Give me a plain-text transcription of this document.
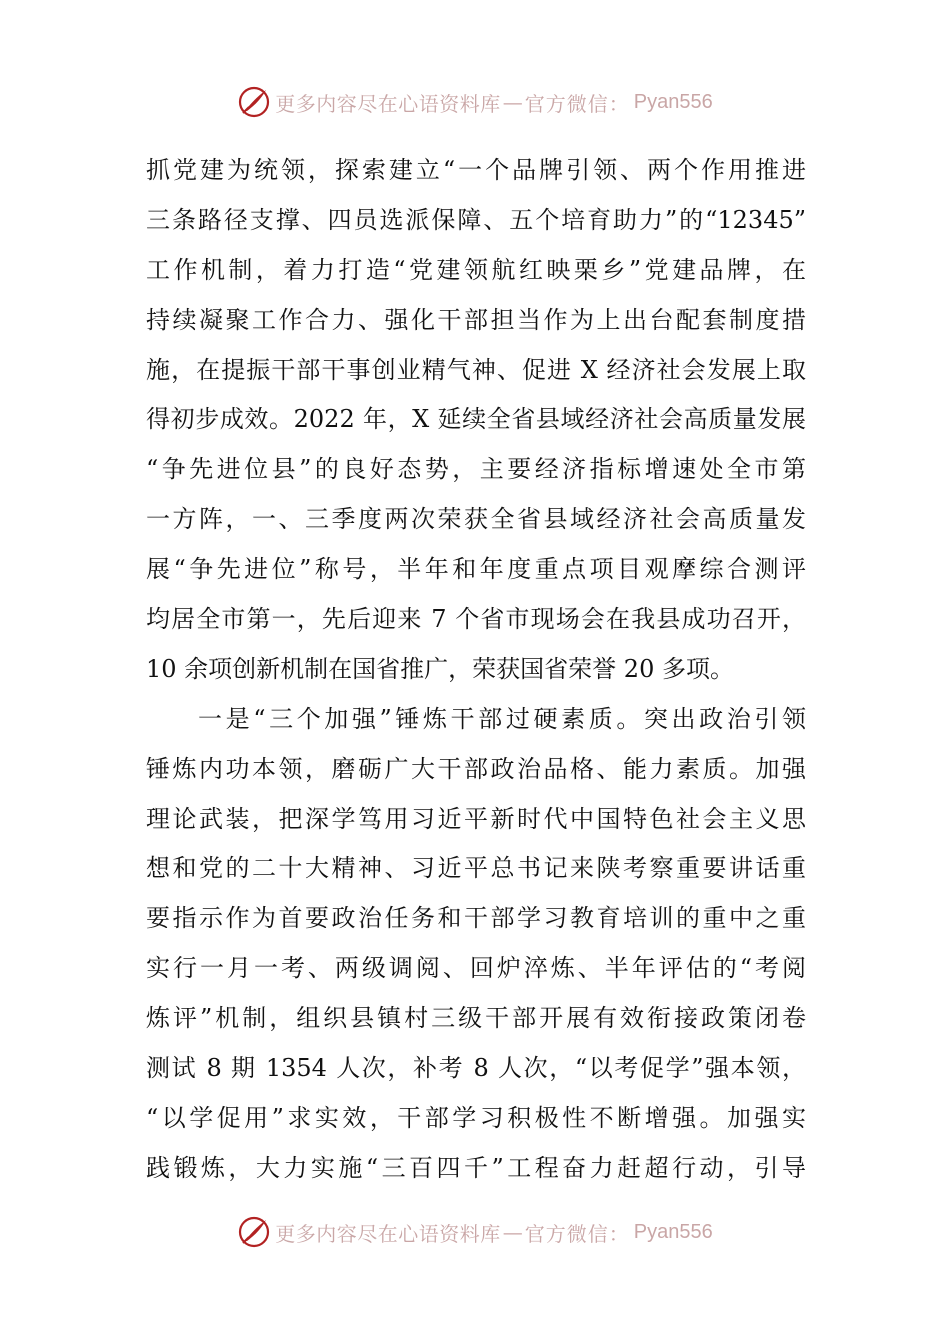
更多内容尽在心语资料库 — 官方微信： Pyan556
抓党建为统领，探索建立“一个品牌引领、两个作用推进
三条路径支撑、四员选派保障、五个培育助力”的“12345”
工作机制，着力打造“党建领航红映栗乡”党建品牌，在
持续凝聚工作合力、强化干部担当作为上出台配套制度措
施，在提振干部干事创业精气神、促进 X 经济社会发展上取
得初步成效。2022 年，X 延续全省县域经济社会高质量发展
“争先进位县”的良好态势，主要经济指标增速处全市第
一方阵，一、三季度两次荣获全省县域经济社会高质量发
展“争先进位”称号，半年和年度重点项目观摩综合测评
均居全市第一，先后迎来 7 个省市现场会在我县成功召开，
10 余项创新机制在国省推广，荣获国省荣誉 20 多项。
一是“三个加强”锤炼干部过硬素质。突出政治引领
锤炼内功本领，磨砺广大干部政治品格、能力素质。加强
理论武装，把深学笃用习近平新时代中国特色社会主义思
想和党的二十大精神、习近平总书记来陕考察重要讲话重
要指示作为首要政治任务和干部学习教育培训的重中之重
实行一月一考、两级调阅、回炉淬炼、半年评估的“考阅
炼评”机制，组织县镇村三级干部开展有效衔接政策闭卷
测试 8 期 1354 人次，补考 8 人次，“以考促学”强本领，
“以学促用”求实效，干部学习积极性不断增强。加强实
践锻炼，大力实施“三百四千”工程奋力赶超行动，引导
更多内容尽在心语资料库 — 官方微信： Pyan556
